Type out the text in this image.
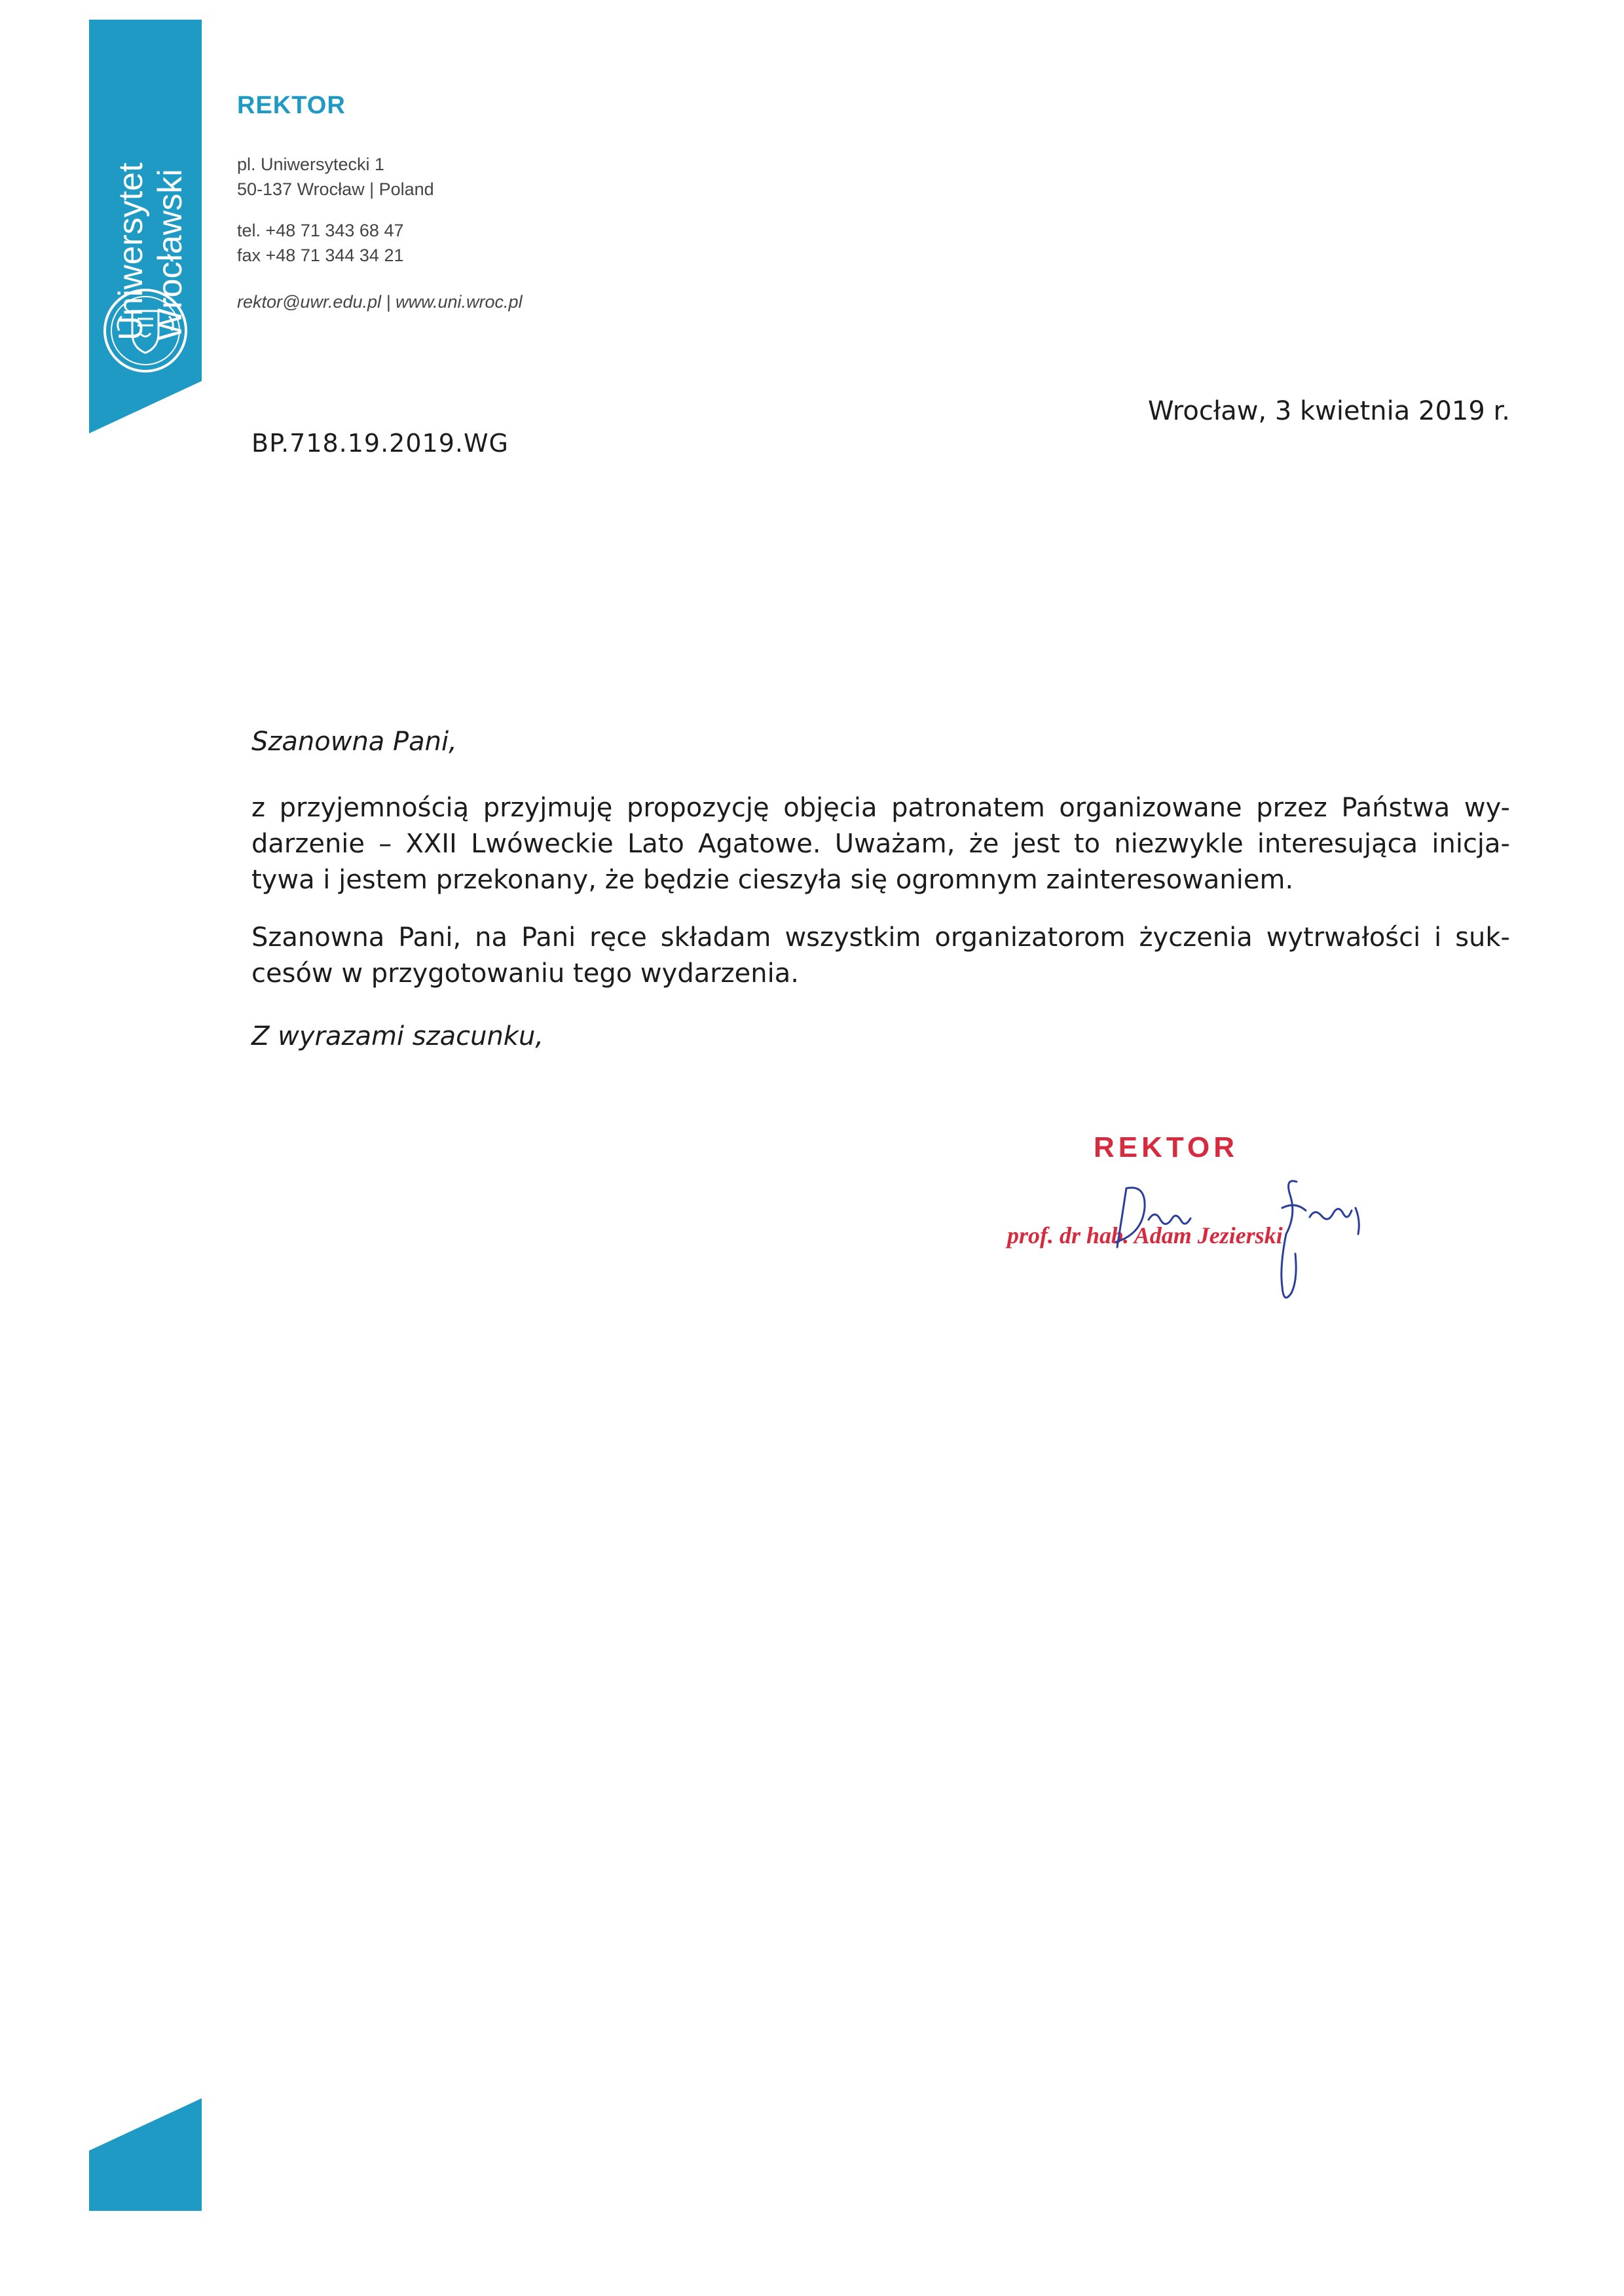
Uniwersytet Wrocławski
REKTOR
pl. Uniwersytecki 1
50-137 Wrocław | Poland
tel. +48 71 343 68 47
fax +48 71 344 34 21
rektor@uwr.edu.pl | www.uni.wroc.pl
Wrocław, 3 kwietnia 2019 r.
BP.718.19.2019.WG
Szanowna Pani,
z przyjemnością przyjmuję propozycję objęcia patronatem organizowane przez Państwa wy-
darzenie – XXII Lwóweckie Lato Agatowe. Uważam, że jest to niezwykle interesująca inicja-
tywa i jestem przekonany, że będzie cieszyła się ogromnym zainteresowaniem.
Szanowna Pani, na Pani ręce składam wszystkim organizatorom życzenia wytrwałości i suk-
cesów w przygotowaniu tego wydarzenia.
Z wyrazami szacunku,
REKTOR
prof. dr hab. Adam Jezierski
